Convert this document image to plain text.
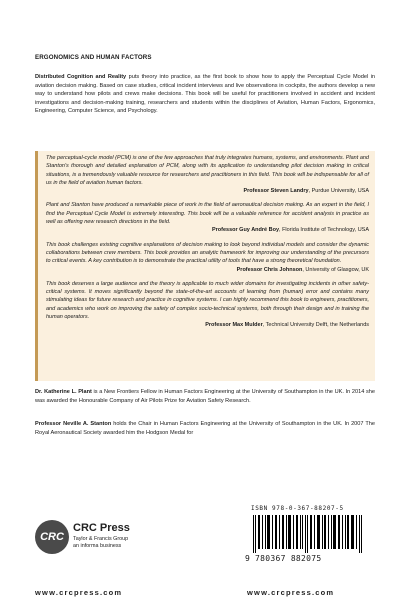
ERGONOMICS AND HUMAN FACTORS

Distributed Cognition and Reality puts theory into practice, as the first book to show how to apply the Perceptual Cycle Model in aviation decision making. Based on case studies, critical incident interviews and live observations in cockpits, the authors develop a new way to understand how pilots and crews make decisions. This book will be useful for practitioners involved in accident and incident investigations and decision-making training, researchers and students within the disciplines of Aviation, Human Factors, Ergonomics, Engineering, Computer Science, and Psychology.

The perceptual-cycle model (PCM) is one of the few approaches that truly integrates humans, systems, and environments. Plant and Stanton's thorough and detailed explanation of PCM, along with its application to understanding pilot decision making in critical situations, is a tremendously valuable resource for researchers and practitioners in this field. This book will be indispensable for all of us in the field of aviation human factors.

Professor Steven Landry, Purdue University, USA

Plant and Stanton have produced a remarkable piece of work in the field of aeronautical decision making. As an expert in the field, I find the Perceptual Cycle Model is extremely interesting. This book will be a valuable reference for accident analysis in practice as well as offering new research directions in the field.

Professor Guy André Boy, Florida Institute of Technology, USA

This book challenges existing cognitive explanations of decision making to look beyond individual models and consider the dynamic collaborations between crew members. This book provides an analytic framework for improving our understanding of the precursors to critical events. A key contribution is to demonstrate the practical utility of tools that have a strong theoretical foundation.

Professor Chris Johnson, University of Glasgow, UK

This book deserves a large audience and the theory is applicable to much wider domains for investigating incidents in other safety-critical systems. It moves significantly beyond the state-of-the-art accounts of learning from (human) error and contains many stimulating ideas for future research and practice in cognitive systems. I can highly recommend this book to engineers, practitioners, and academics who work on improving the safety of complex socio-technical systems, both through their design and in training the human operators.

Professor Max Mulder, Technical University Delft, the Netherlands

Dr. Katherine L. Plant is a New Frontiers Fellow in Human Factors Engineering at the University of Southampton in the UK. In 2014 she was awarded the Honourable Company of Air Pilots Prize for Aviation Safety Research.

Professor Neville A. Stanton holds the Chair in Human Factors Engineering at the University of Southampton in the UK. In 2007 The Royal Aeronautical Society awarded him the Hodgson Medal for

CRC
CRC Press
Taylor & Francis Group
an informa business
www.crcpress.com
ISBN 978-0-367-88207-5
9 780367 882075
www.crcpress.com
